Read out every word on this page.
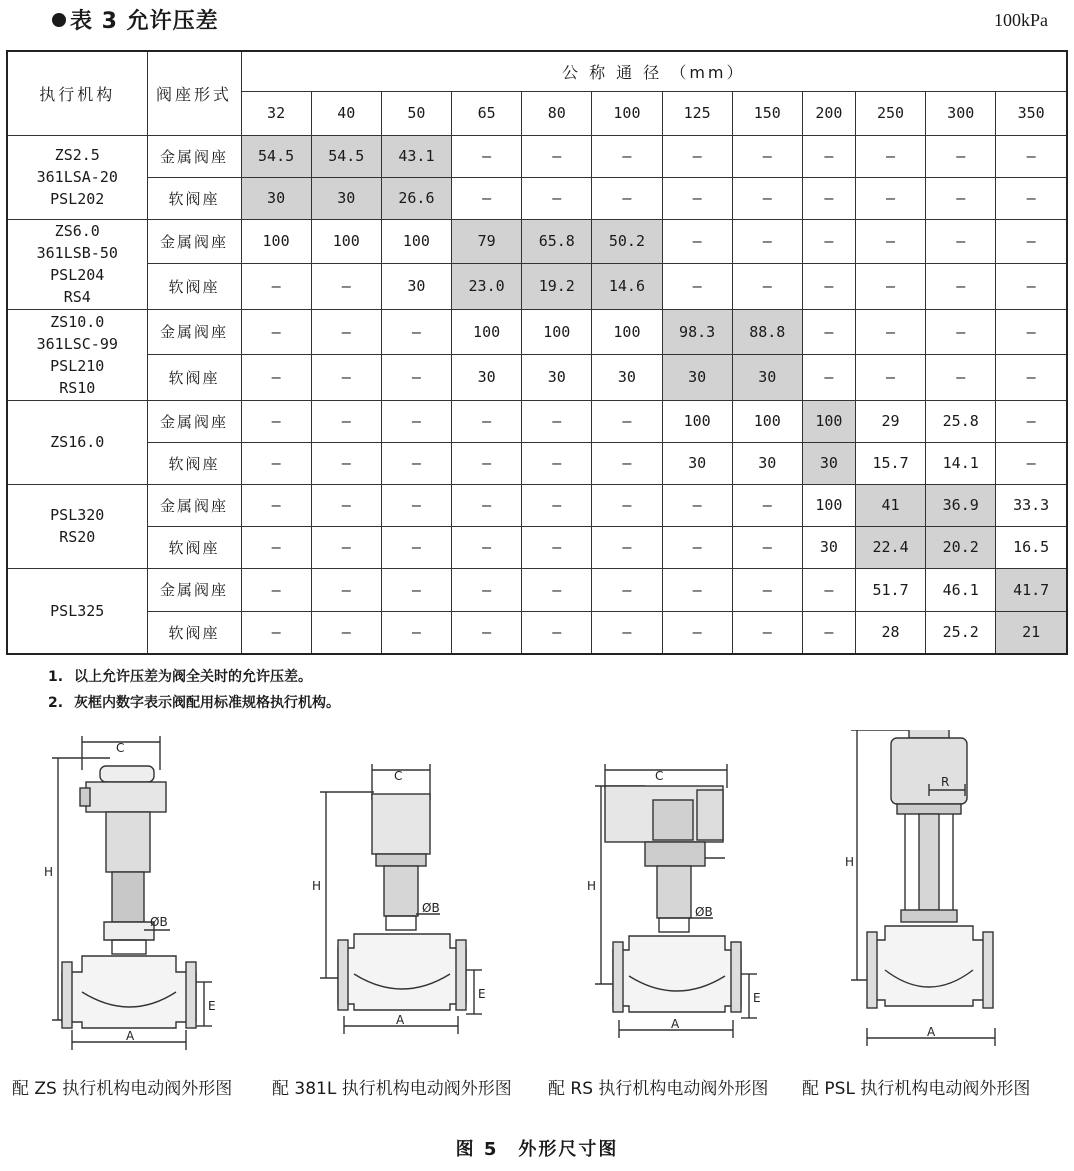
表 3 允许压差	100kPa
执行机构	阀座形式	公 称 通 径 （mm）											
		32	40	50	65	80	100	125	150	200	250	300	350

ZS2.5
361LSA-20
PSL202	金属阀座	54.5	54.5	43.1	—	—	—	—	—	—	—	—	—
	软阀座	30	30	26.6	—	—	—	—	—	—	—	—	—

ZS6.0
361LSB-50
PSL204
RS4	金属阀座	100	100	100	79	65.8	50.2	—	—	—	—	—	—
	软阀座	—	—	30	23.0	19.2	14.6	—	—	—	—	—	—

ZS10.0
361LSC-99
PSL210
RS10	金属阀座	—	—	—	100	100	100	98.3	88.8	—	—	—	—
	软阀座	—	—	—	30	30	30	30	30	—	—	—	—

ZS16.0	金属阀座	—	—	—	—	—	—	100	100	100	29	25.8	—
	软阀座	—	—	—	—	—	—	30	30	30	15.7	14.1	—

PSL320
RS20	金属阀座	—	—	—	—	—	—	—	—	100	41	36.9	33.3
	软阀座	—	—	—	—	—	—	—	—	30	22.4	20.2	16.5

PSL325	金属阀座	—	—	—	—	—	—	—	—	—	51.7	46.1	41.7
	软阀座	—	—	—	—	—	—	—	—	—	28	25.2	21
1. 以上允许压差为阀全关时的允许压差。
2. 灰框内数字表示阀配用标准规格执行机构。
C
H
ØB
A
E
C
H
ØB
A
E
C
H
ØB
A
E
R
H
A
配 ZS 执行机构电动阀外形图 配 381L 执行机构电动阀外形图 配 RS 执行机构电动阀外形图 配 PSL 执行机构电动阀外形图
图 5　外形尺寸图
